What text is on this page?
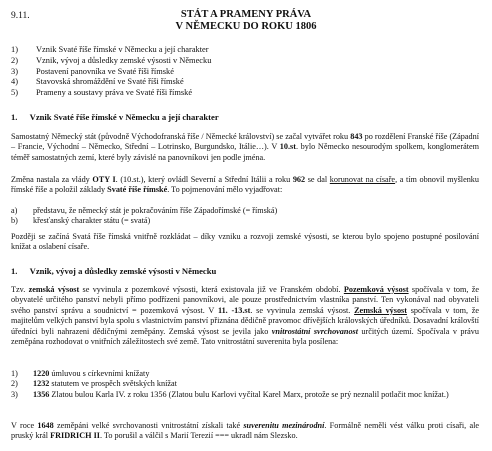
9.11.	STÁT A PRAMENY PRÁVA
V NĚMECKU DO ROKU 1806
1)	Vznik Svaté říše římské v Německu a její charakter
2)	Vznik, vývoj a důsledky zemské výsosti v Německu
3)	Postavení panovníka ve Svaté říši římské
4)	Stavovská shromáždění ve Svaté říši římské
5)	Prameny a soustavy práva ve Svaté říši římské
1. Vznik Svaté říše římské v Německu a její charakter
Samostatný Německý stát (původně Východofranská říše / Německé království) se začal vytvářet roku 843 po rozdělení Franské říše (Západní – Francie, Východní – Německo, Střední – Lotrinsko, Burgundsko, Itálie…). V 10.st. bylo Německo nesourodým spolkem, konglomerátem téměř samostatných zemí, které byly závislé na panovníkovi jen podle jména.
Změna nastala za vlády OTY I. (10.st.), který ovládl Severní a Střední Itálii a roku 962 se dal korunovat na císaře, a tím obnovil myšlenku římské říše a položil základy Svaté říše římské. To pojmenování mělo vyjadřovat:
a)	představu, že německý stát je pokračováním říše Západořímské (= římská)
b)	křesťanský charakter státu (= svatá)
Později se začíná Svatá říše římská vnitřně rozkládat – díky vzniku a rozvoji zemské výsosti, se kterou bylo spojeno postupné posilování knížat a oslabení císaře.
1. Vznik, vývoj a důsledky zemské výsosti v Německu
Tzv. zemská výsost se vyvinula z pozemkové výsosti, která existovala již ve Franském období. Pozemková výsost spočívala v tom, že obyvatelé určitého panství nebyli přímo podřízeni panovníkovi, ale pouze prostřednictvím vlastníka panství. Ten vykonával nad obyvateli svého panství správu a soudnictví = pozemková výsost. V 11. -13.st. se vyvinula zemská výsost. Zemská výsost spočívala v tom, že majitelům velkých panství byla spolu s vlastnictvím panství přiznána dědičně pravomoc dřívějších královských úředníků. Dosavadní královští úředníci byli nahrazeni dědičnými zeměpány. Zemská výsost se jevila jako vnitrostátní svrchovanost určitých území. Spočívala v právu zeměpána rozhodovat o vnitřních záležitostech své země. Tato vnitrostátní suverenita byla posílena:
1)	1220 úmluvou s církevními knížaty
2)	1232 statutem ve prospěch světských knížat
3)	1356 Zlatou bulou Karla IV. z roku 1356 (Zlatou bulu Karlovi vyčítal Karel Marx, protože se prý neznalil potlačit moc knížat.)
V roce 1648 zeměpáni velké svrchovanosti vnitrostátní získali také suverenitu mezinárodní. Formálně neměli vést válku proti císaři, ale pruský král FRIDRICH II. To porušil a válčil s Marií Terezií === ukradl nám Slezsko.
